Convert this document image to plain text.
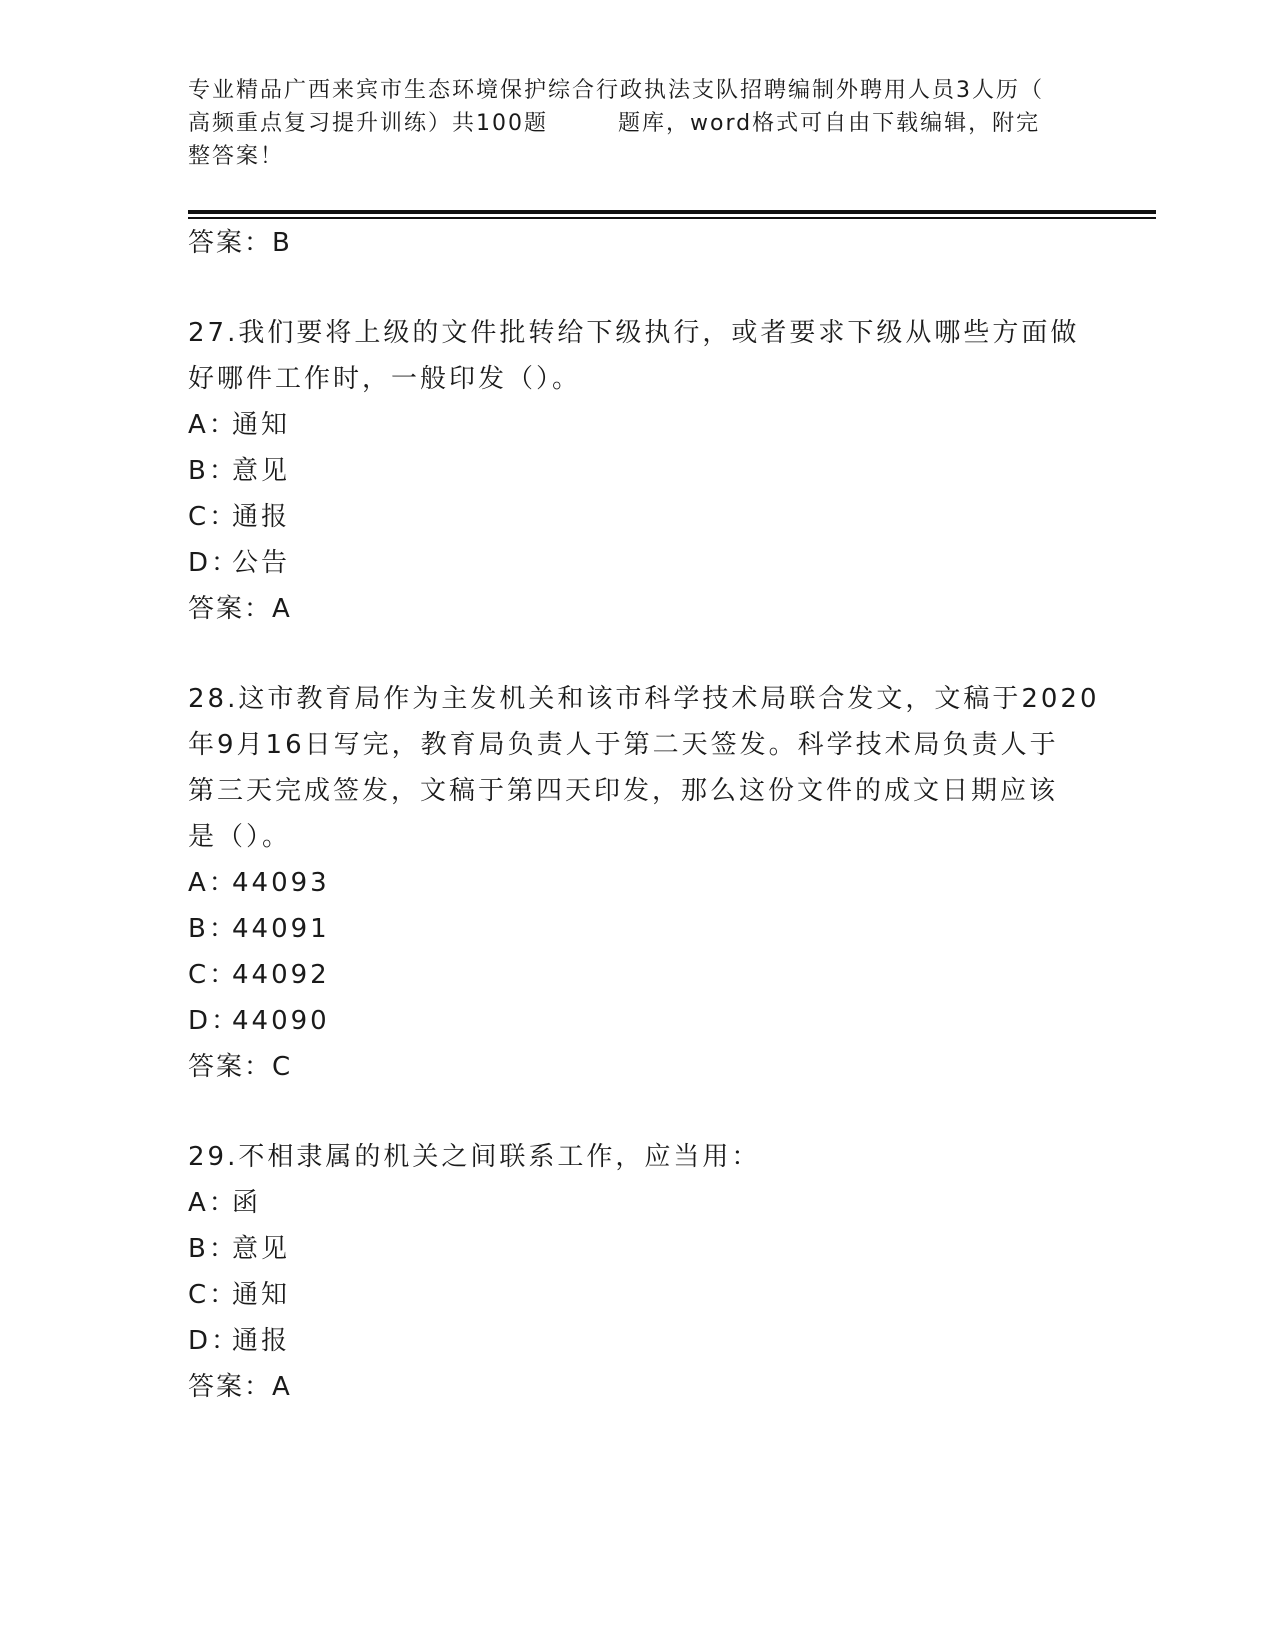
专业精品广西来宾市生态环境保护综合行政执法支队招聘编制外聘用人员3人历（
高频重点复习提升训练）共100题	题库，word格式可自由下载编辑，附完
整答案！
答案：B
27.我们要将上级的文件批转给下级执行，或者要求下级从哪些方面做
好哪件工作时，一般印发（）。
A：通知
B：意见
C：通报
D：公告
答案：A
28.这市教育局作为主发机关和该市科学技术局联合发文，文稿于2020
年9月16日写完，教育局负责人于第二天签发。科学技术局负责人于
第三天完成签发，文稿于第四天印发，那么这份文件的成文日期应该
是（）。
A：44093
B：44091
C：44092
D：44090
答案：C
29.不相隶属的机关之间联系工作，应当用：
A：函
B：意见
C：通知
D：通报
答案：A
